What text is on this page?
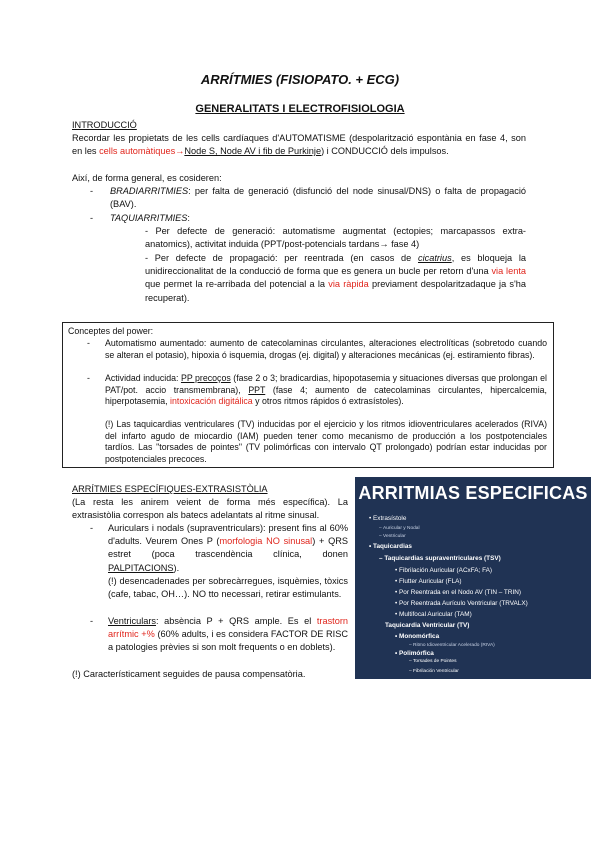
ARRÍTMIES (FISIOPATO. + ECG)
GENERALITATS I ELECTROFISIOLOGIA
INTRODUCCIÓ
Recordar les propietats de les cells cardíaques d'AUTOMATISME (despolarització espontània en fase 4, son en les cells automàtiques→Node S, Node AV i fib de Purkinje) i CONDUCCIÓ dels impulsos.
Així, de forma general, es cosideren:
- BRADIARRITMIES: per falta de generació (disfunció del node sinusal/DNS) o falta de propagació (BAV).
- TAQUIARRITMIES:
- Per defecte de generació: automatisme augmentat (ectopies; marcapassos extra-anatomics), activitat induida (PPT/post-potencials tardans→ fase 4)
- Per defecte de propagació: per reentrada (en casos de cicatrius, es bloqueja la unidireccionalitat de la conducció de forma que es genera un bucle per retorn d'una via lenta que permet la re-arribada del potencial a la via ràpida previament despolaritzadaque ja s'ha recuperat).
Conceptes del power:
- Automatismo aumentado: aumento de catecolaminas circulantes, alteraciones electrolíticas (sobretodo cuando se alteran el potasio), hipoxia ó isquemia, drogas (ej. digital) y alteraciones mecánicas (ej. estiramiento fibras).
- Actividad inducida: PP precoços (fase 2 o 3; bradicardias, hipopotasemia y situaciones diversas que prolongan el PAT/pot. accio transmembrana), PPT (fase 4; aumento de catecolaminas circulantes, hipercalcemia, hiperpotasemia, intoxicación digitálica y otros ritmos rápidos ó extrasístoles).
(!) Las taquicardias ventriculares (TV) inducidas por el ejercicio y los ritmos idioventriculares acelerados (RIVA) del infarto agudo de miocardio (IAM) pueden tener como mecanismo de producción a los postpotenciales tardíos. Las "torsades de pointes" (TV polimórficas con intervalo QT prolongado) podrían estar inducidas por postpotenciales precoces.
ARRÍTMIES ESPECÍFIQUES-EXTRASISTÒLIA
(La resta les anirem veient de forma més específica). La extrasistòlia correspon als batecs adelantats al ritme sinusal.
- Auriculars i nodals (supraventriculars): present fins al 60% d'adults. Veurem Ones P (morfologia NO sinusal) + QRS estret (poca trascendència clínica, donen PALPITACIONS).
(!) desencadenades per sobrecàrregues, isquèmies, tòxics (cafe, tabac, OH…). NO tto necessari, retirar estimulants.
- Ventriculars: absència P + QRS ample. Es el trastorn arrítmic +% (60% adults, i es considera FACTOR DE RISC a patologies prèvies si son molt frequents o en doblets).
(!) Característicament seguides de pausa compensatòria.
ARRITMIAS ESPECIFICAS
• Extrasístole
– Auricular y Nodal
– Ventricular
• Taquicardias
– Taquicardias supraventriculares (TSV)
• Fibrilación Auricular (ACxFA; FA)
• Flutter Auricular (FLA)
• Por Reentrada en el Nodo AV (TIN – TRIN)
• Por Reentrada Aurículo Ventricular (TRVALX)
• Multifocal Auricular (TAM)
Taquicardia Ventricular (TV)
• Monomórfica
– Ritmo Idioventricular Acelerado (RIVA)
• Polimórfica
– Torsades de Pointes
– Fibrilación Ventricular
